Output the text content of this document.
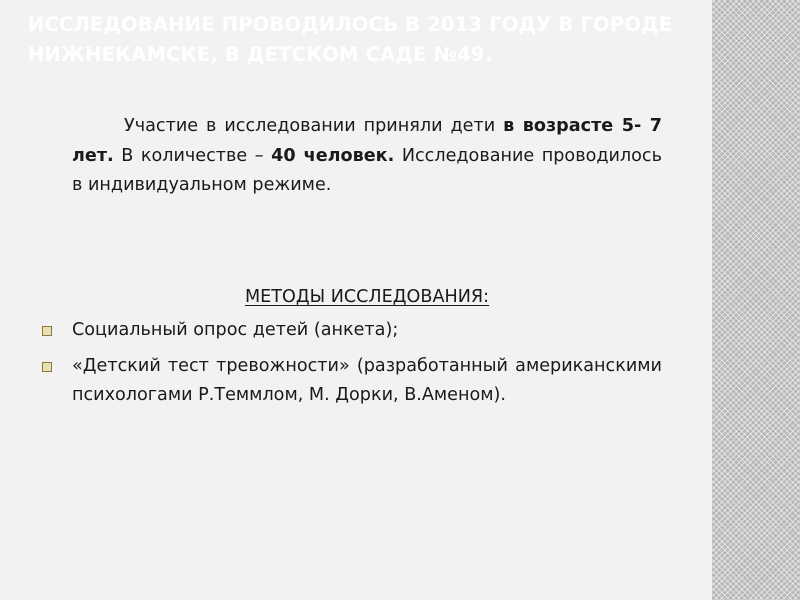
ИССЛЕДОВАНИЕ ПРОВОДИЛОСЬ В 2013 ГОДУ В ГОРОДЕ НИЖНЕКАМСКЕ, В ДЕТСКОМ САДЕ №49.

Участие в исследовании приняли дети в возрасте 5- 7 лет. В количестве – 40 человек. Исследование проводилось в индивидуальном режиме.

МЕТОДЫ ИССЛЕДОВАНИЯ:

Социальный опрос детей (анкета);
«Детский тест тревожности» (разработанный американскими психологами Р.Теммлом, М. Дорки, В.Аменом).
